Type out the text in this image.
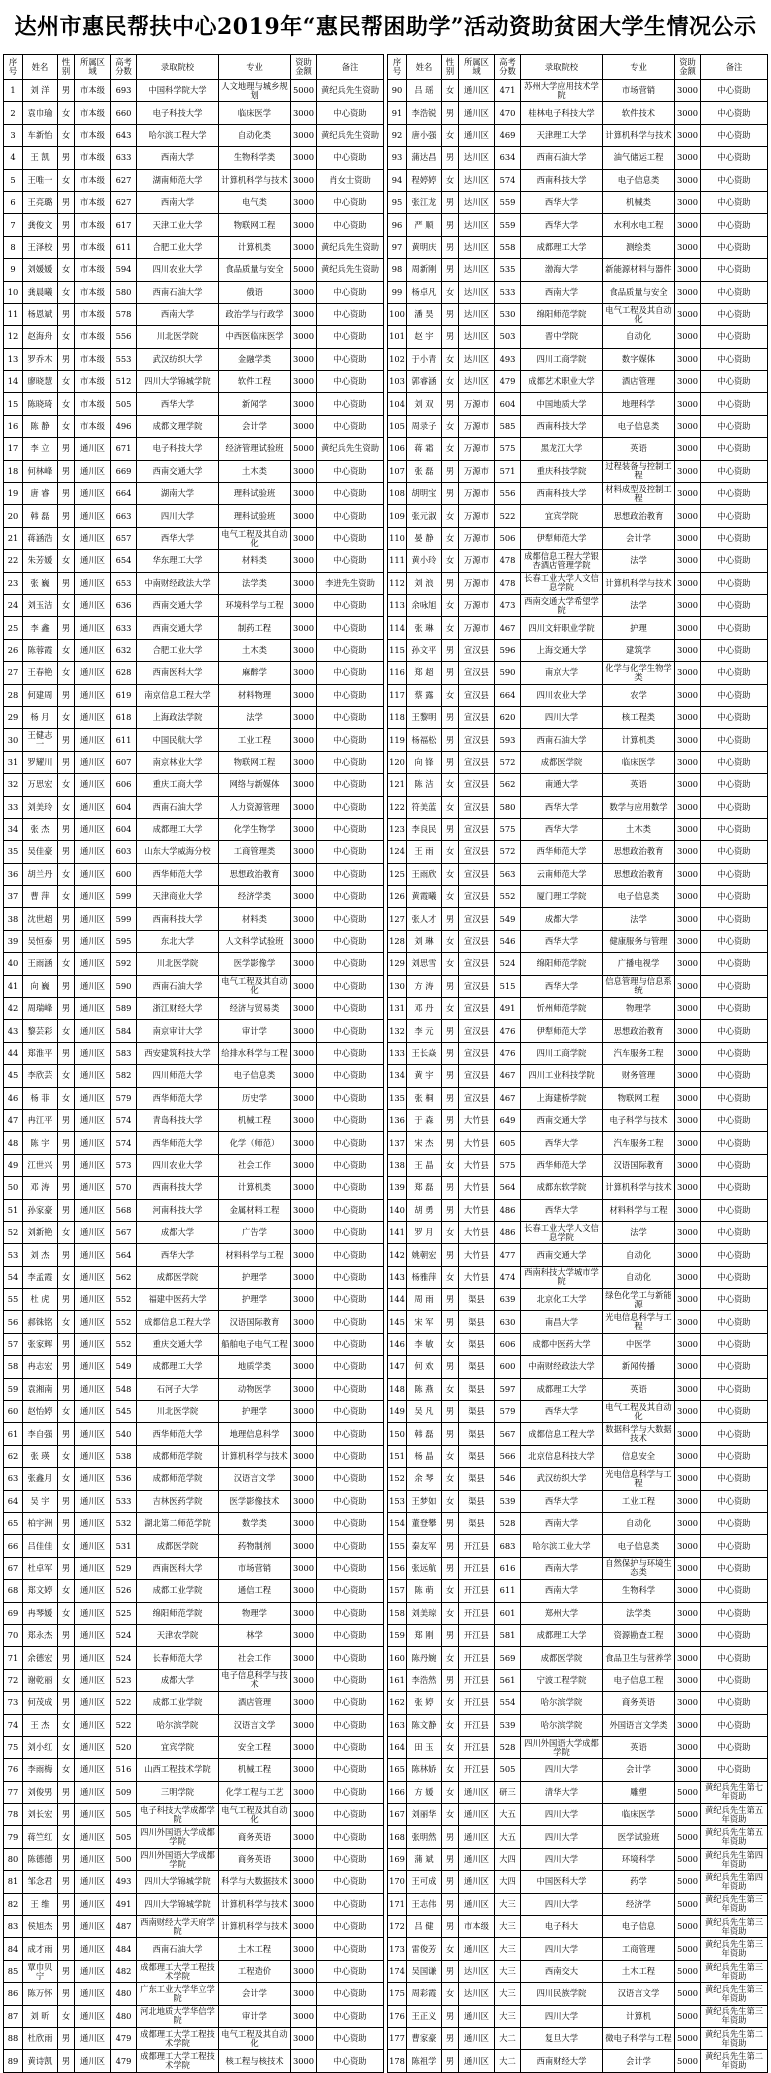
达州市惠民帮扶中心2019年“惠民帮困助学”活动资助贫困大学生情况公示
序号	姓名	性别	所属区域	高考分数	录取院校	专业	资助金额	备注
1	刘 洋	男	市本级	693	中国科学院大学	人文地理与城乡规划	5000	黄纪兵先生资助
2	袁巾瑜	女	市本级	660	电子科技大学	临床医学	3000	中心资助
3	车新怡	女	市本级	643	哈尔滨工程大学	自动化类	3000	黄纪兵先生资助
4	王 凯	男	市本级	633	西南大学	生物科学类	3000	中心资助
5	王唯一	女	市本级	627	湖南师范大学	计算机科学与技术	3000	肖女士资助
6	王亮璐	男	市本级	627	西南大学	电气类	3000	中心资助
7	龚俊文	男	市本级	617	天津工业大学	物联网工程	3000	中心资助
8	王泽校	男	市本级	611	合肥工业大学	计算机类	3000	黄纪兵先生资助
9	刘媛媛	女	市本级	594	四川农业大学	食品质量与安全	5000	黄纪兵先生资助
10	龚晨曦	女	市本级	580	西南石油大学	俄语	3000	中心资助
11	杨恩斌	男	市本级	578	西南大学	政治学与行政学	3000	中心资助
12	赵海舟	女	市本级	556	川北医学院	中西医临床医学	3000	中心资助
13	罗乔木	男	市本级	553	武汉纺织大学	金融学类	3000	中心资助
14	廖晓慧	女	市本级	512	四川大学锦城学院	软件工程	3000	中心资助
15	陈晓琦	女	市本级	505	西华大学	新闻学	3000	中心资助
16	陈 静	女	市本级	496	成都文理学院	会计学	3000	中心资助
17	李 立	男	通川区	671	电子科技大学	经济管理试验班	5000	黄纪兵先生资助
18	何林峰	男	通川区	669	西南交通大学	土木类	3000	中心资助
19	唐 睿	男	通川区	664	湖南大学	理科试验班	3000	中心资助
20	韩 磊	男	通川区	663	四川大学	理科试验班	3000	中心资助
21	蒋涵浩	女	通川区	657	西华大学	电气工程及其自动化	3000	中心资助
22	朱芳媛	女	通川区	654	华东理工大学	材料类	3000	中心资助
23	张 巍	男	通川区	653	中南财经政法大学	法学类	3000	李进先生资助
24	刘玉洁	女	通川区	636	西南交通大学	环境科学与工程	3000	中心资助
25	李 鑫	男	通川区	633	西南交通大学	制药工程	3000	中心资助
26	陈蓉霞	女	通川区	632	合肥工业大学	土木类	3000	中心资助
27	王春艳	女	通川区	628	西南医科大学	麻醉学	3000	中心资助
28	何建周	男	通川区	619	南京信息工程大学	材料物理	3000	中心资助
29	杨 月	女	通川区	618	上海政法学院	法学	3000	中心资助
30	王健志一	男	通川区	611	中国民航大学	工业工程	3000	中心资助
31	罗耀川	男	通川区	607	南京林业大学	物联网工程	3000	中心资助
32	万思宏	女	通川区	606	重庆工商大学	网络与新媒体	3000	中心资助
33	刘美玲	女	通川区	604	西南石油大学	人力资源管理	3000	中心资助
34	张 杰	男	通川区	604	成都理工大学	化学生物学	3000	中心资助
35	吴佳豪	男	通川区	603	山东大学威海分校	工商管理类	3000	中心资助
36	胡兰丹	女	通川区	600	西华师范大学	思想政治教育	3000	中心资助
37	曹 萍	女	通川区	599	天津商业大学	经济学类	3000	中心资助
38	沈世超	男	通川区	599	西南科技大学	材料类	3000	中心资助
39	吴恒泰	男	通川区	595	东北大学	人文科学试验班	3000	中心资助
40	王雨涵	女	通川区	592	川北医学院	医学影像学	3000	中心资助
41	向 巍	男	通川区	590	西南石油大学	电气工程及其自动化	3000	中心资助
42	周瑞峰	男	通川区	589	浙江财经大学	经济与贸易类	3000	中心资助
43	黎芸彩	女	通川区	584	南京审计大学	审计学	3000	中心资助
44	郑淮平	男	通川区	583	西安建筑科技大学	给排水科学与工程	3000	中心资助
45	李欣芸	女	通川区	582	四川师范大学	电子信息类	3000	中心资助
46	杨 菲	女	通川区	579	西华师范大学	历史学	3000	中心资助
47	冉江平	男	通川区	574	青岛科技大学	机械工程	3000	中心资助
48	陈 宇	男	通川区	574	西华师范大学	化学（师范）	3000	中心资助
49	江世兴	男	通川区	573	四川农业大学	社会工作	3000	中心资助
50	邓 涛	男	通川区	570	西南科技大学	计算机类	3000	中心资助
51	孙家豪	男	通川区	568	河南科技大学	金属材料工程	3000	中心资助
52	刘新艳	女	通川区	567	成都大学	广告学	3000	中心资助
53	刘 杰	男	通川区	564	西华大学	材料科学与工程	3000	中心资助
54	李孟霞	女	通川区	562	成都医学院	护理学	3000	中心资助
55	杜 虎	男	通川区	552	福建中医药大学	护理学	3000	中心资助
56	郝铢铭	女	通川区	552	成都信息工程大学	汉语国际教育	3000	中心资助
57	张家辉	男	通川区	552	重庆交通大学	船舶电子电气工程	3000	中心资助
58	冉志宏	男	通川区	549	成都理工大学	地质学类	3000	中心资助
59	袁湘南	男	通川区	548	石河子大学	动物医学	3000	中心资助
60	赵怡婷	女	通川区	545	川北医学院	护理学	3000	中心资助
61	李自强	男	通川区	540	西华师范大学	地理信息科学	3000	中心资助
62	张 瑛	女	通川区	538	成都师范学院	计算机科学与技术	3000	中心资助
63	张鑫月	女	通川区	536	成都师范学院	汉语言文学	3000	中心资助
64	吴 宇	男	通川区	533	吉林医药学院	医学影像技术	3000	中心资助
65	柏宇洲	男	通川区	532	湖北第二师范学院	数学类	3000	中心资助
66	吕佳佳	女	通川区	531	成都医学院	药物制剂	3000	中心资助
67	杜卓军	男	通川区	529	西南医科大学	市场营销	3000	中心资助
68	郑文婷	女	通川区	526	成都工业学院	通信工程	3000	中心资助
69	冉琴媛	女	通川区	525	绵阳师范学院	物理学	3000	中心资助
70	郑永杰	男	通川区	524	天津农学院	林学	3000	中心资助
71	余德宏	男	通川区	524	长春师范大学	社会工作	3000	中心资助
72	谢乾丽	女	通川区	523	成都大学	电子信息科学与技术	3000	中心资助
73	何茂成	男	通川区	522	成都工业学院	酒店管理	3000	中心资助
74	王 杰	女	通川区	522	哈尔滨学院	汉语言文学	3000	中心资助
75	刘小红	女	通川区	520	宜宾学院	安全工程	3000	中心资助
76	李雨梅	女	通川区	516	山西工程技术学院	机械工程	3000	中心资助
77	刘俊男	男	通川区	509	三明学院	化学工程与工艺	3000	中心资助
78	刘长宏	男	通川区	505	电子科技大学成都学院	电气工程及其自动化	3000	中心资助
79	蒋竺红	女	通川区	505	四川外国语大学成都学院	商务英语	3000	中心资助
80	陈德德	男	通川区	500	四川外国语大学成都学院	商务英语	3000	中心资助
81	邹念君	男	通川区	493	四川大学锦城学院	科学与大数据技术	3000	中心资助
82	王 维	男	通川区	491	四川大学锦城学院	计算机科学与技术	3000	中心资助
83	侯旭杰	男	通川区	487	西南财经大学天府学院	计算机科学与技术	3000	中心资助
84	成才雨	男	通川区	484	西南石油大学	土木工程	3000	中心资助
85	覃巾贝宁	男	通川区	482	成都理工大学工程技术学院	工程造价	3000	中心资助
86	陈万怀	男	通川区	480	广东工业大学华立学院	会计学	3000	中心资助
87	刘 昕	女	通川区	480	河北地质大学华信学院	审计学	3000	中心资助
88	杜欣雨	男	通川区	479	成都理工大学工程技术学院	电气工程及其自动化	3000	中心资助
89	黄诗凯	男	通川区	479	成都理工大学工程技术学院	核工程与核技术	3000	中心资助
序号	姓名	性别	所属区域	高考分数	录取院校	专业	资助金额	备注
90	吕 瑶	女	通川区	471	苏州大学应用技术学院	市场营销	3000	中心资助
91	李浩锐	男	通川区	470	桂林电子科技大学	软件技术	3000	中心资助
92	唐小强	女	通川区	469	天津理工大学	计算机科学与技术	3000	中心资助
93	蒲达昌	男	达川区	634	西南石油大学	油气储运工程	3000	中心资助
94	程婷婷	女	达川区	574	西南科技大学	电子信息类	3000	中心资助
95	张江龙	男	达川区	559	西华大学	机械类	3000	中心资助
96	严 顺	男	达川区	559	西华大学	水利水电工程	3000	中心资助
97	黄明庆	男	达川区	558	成都理工大学	测绘类	3000	中心资助
98	周新刚	男	达川区	535	渤海大学	新能源材料与器件	3000	中心资助
99	杨卓凡	女	达川区	533	西南大学	食品质量与安全	3000	中心资助
100	潘 昊	男	达川区	530	绵阳师范学院	电气工程及其自动化	3000	中心资助
101	赵 宇	男	达川区	503	晋中学院	自动化	3000	中心资助
102	于小青	女	达川区	493	四川工商学院	数字媒体	3000	中心资助
103	郭睿涵	女	达川区	479	成都艺术职业大学	酒店管理	3000	中心资助
104	刘 双	男	万源市	604	中国地质大学	地理科学	3000	中心资助
105	周录子	女	万源市	585	西南科技大学	电子信息类	3000	中心资助
106	蒋 霜	女	万源市	575	黑龙江大学	英语	3000	中心资助
107	张 磊	男	万源市	571	重庆科技学院	过程装备与控制工程	3000	中心资助
108	胡明宝	男	万源市	556	西南科技大学	材料成型及控制工程	3000	中心资助
109	张元淑	女	万源市	522	宜宾学院	思想政治教育	3000	中心资助
110	晏 静	女	万源市	506	伊犁师范大学	会计学	3000	中心资助
111	黄小玲	女	万源市	478	成都信息工程大学银杏酒店管理学院	法学	3000	中心资助
112	刘 浪	男	万源市	478	长春工业大学人文信息学院	计算机科学与技术	3000	中心资助
113	余咏旭	女	万源市	473	西南交通大学希望学院	法学	3000	中心资助
114	张 琳	女	万源市	467	四川文轩职业学院	护理	3000	中心资助
115	孙文平	男	宣汉县	596	上海交通大学	建筑学	3000	中心资助
116	郑 超	男	宣汉县	590	南京大学	化学与化学生物学类	3000	中心资助
117	蔡 露	女	宣汉县	664	四川农业大学	农学	3000	中心资助
118	王黎明	男	宣汉县	620	四川大学	核工程类	3000	中心资助
119	杨福松	男	宣汉县	593	西南石油大学	计算机类	3000	中心资助
120	向 锋	男	宣汉县	572	成都医学院	临床医学	3000	中心资助
121	陈 洁	女	宣汉县	562	南通大学	英语	3000	中心资助
122	符美蓝	女	宣汉县	580	西华大学	数学与应用数学	3000	中心资助
123	李良民	男	宣汉县	575	西华大学	土木类	3000	中心资助
124	王 雨	女	宣汉县	572	西华师范大学	思想政治教育	3000	中心资助
125	王雨欣	女	宣汉县	563	云南师范大学	思想政治教育	3000	中心资助
126	黄霞曦	女	宣汉县	552	厦门理工学院	电子信息类	3000	中心资助
127	张人才	男	宣汉县	549	成都大学	法学	3000	中心资助
128	刘 琳	女	宣汉县	546	西华大学	健康服务与管理	3000	中心资助
129	刘思雪	女	宣汉县	524	绵阳师范学院	广播电视学	3000	中心资助
130	方 涛	男	宣汉县	515	西华大学	信息管理与信息系统	3000	中心资助
131	邓 丹	女	宣汉县	491	忻州师范学院	物理学	3000	中心资助
132	李 元	男	宣汉县	476	伊犁师范大学	思想政治教育	3000	中心资助
133	王长焱	男	宣汉县	476	四川工商学院	汽车服务工程	3000	中心资助
134	黄 宇	男	宣汉县	467	四川工业科技学院	财务管理	3000	中心资助
135	张 桐	男	宣汉县	467	上海建桥学院	物联网工程	3000	中心资助
136	于 森	男	大竹县	649	西南交通大学	电子科学与技术	3000	中心资助
137	宋 杰	男	大竹县	605	西华大学	汽车服务工程	3000	中心资助
138	王 晶	女	大竹县	575	西华师范大学	汉语国际教育	3000	中心资助
139	郑 磊	男	大竹县	564	成都东软学院	计算机科学与技术	3000	中心资助
140	胡 勇	男	大竹县	486	西华大学	材料科学与工程	3000	中心资助
141	罗 月	女	大竹县	486	长春工业大学人文信息学院	法学	3000	中心资助
142	姚朝宏	男	大竹县	477	西南交通大学	自动化	3000	中心资助
143	杨雅萍	女	大竹县	474	西南科技大学城市学院	自动化	3000	中心资助
144	周 雨	男	渠县	639	北京化工大学	绿色化学工与新能源	3000	中心资助
145	宋 军	男	渠县	630	南昌大学	光电信息科学与工程	3000	中心资助
146	李 敏	女	渠县	606	成都中医药大学	中医学	3000	中心资助
147	何 欢	男	渠县	600	中南财经政法大学	新闻传播	3000	中心资助
148	陈 燕	女	渠县	597	成都理工大学	英语	3000	中心资助
149	吴 凡	男	渠县	579	西华大学	电气工程及其自动化	3000	中心资助
150	韩 磊	男	渠县	567	成都信息工程大学	数据科学与大数据技术	3000	中心资助
151	杨 晶	女	渠县	566	北京信息科技大学	信息安全	3000	中心资助
152	余 琴	女	渠县	546	武汉纺织大学	光电信息科学与工程	3000	中心资助
153	王梦如	女	渠县	539	西华大学	工业工程	3000	中心资助
154	董登攀	男	渠县	528	西南大学	自动化	3000	中心资助
155	秦友军	男	开江县	683	哈尔滨工业大学	电子信息类	3000	中心资助
156	张远航	男	开江县	616	西南大学	自然保护与环境生态类	3000	中心资助
157	陈 萌	女	开江县	611	西南大学	生物科学	3000	中心资助
158	刘美琼	女	开江县	601	郑州大学	法学类	3000	中心资助
159	郑 刚	男	开江县	581	成都理工大学	资源勘查工程	3000	中心资助
160	陈丹婉	女	开江县	569	成都医学院	食品卫生与营养学	3000	中心资助
161	李浩然	男	开江县	561	宁波工程学院	电子信息工程	3000	中心资助
162	张 婷	女	开江县	554	哈尔滨学院	商务英语	3000	中心资助
163	陈文静	女	开江县	539	哈尔滨学院	外国语言文学类	3000	中心资助
164	田 玉	女	开江县	528	四川外国语大学成都学院	英语	3000	中心资助
165	陈林娇	女	开江县	505	四川大学	会计学	3000	中心资助
166	方 媛	女	通川区	研三	清华大学	雕塑	5000	黄纪兵先生第七年资助
167	刘丽华	女	通川区	大五	四川大学	临床医学	5000	黄纪兵先生第五年资助
168	张明然	男	通川区	大五	四川大学	医学试验班	5000	黄纪兵先生第五年资助
169	蒲 斌	男	通川区	大四	四川大学	环境科学	5000	黄纪兵先生第四年资助
170	王可成	男	通川区	大四	中国医科大学	药学	5000	黄纪兵先生第四年资助
171	王志伟	男	通川区	大三	四川大学	经济学	5000	黄纪兵先生第三年资助
172	吕 健	男	市本级	大三	电子科大	电子信息	5000	黄纪兵先生第三年资助
173	雷俊芳	女	通川区	大三	四川大学	工商管理	5000	黄纪兵先生第三年资助
174	吴国谦	男	达川区	大三	西南交大	土木工程	5000	黄纪兵先生第三年资助
175	周彩霞	女	达川区	大三	四川民族学院	汉语言文学	5000	黄纪兵先生第三年资助
176	王正义	男	通川区	大三	四川大学	计算机	5000	黄纪兵先生第三年资助
177	曹家豪	男	通川区	大二	复旦大学	微电子科学与工程	5000	黄纪兵先生第二年资助
178	陈祖学	男	通川区	大二	西南财经大学	会计学	5000	黄纪兵先生第二年资助
